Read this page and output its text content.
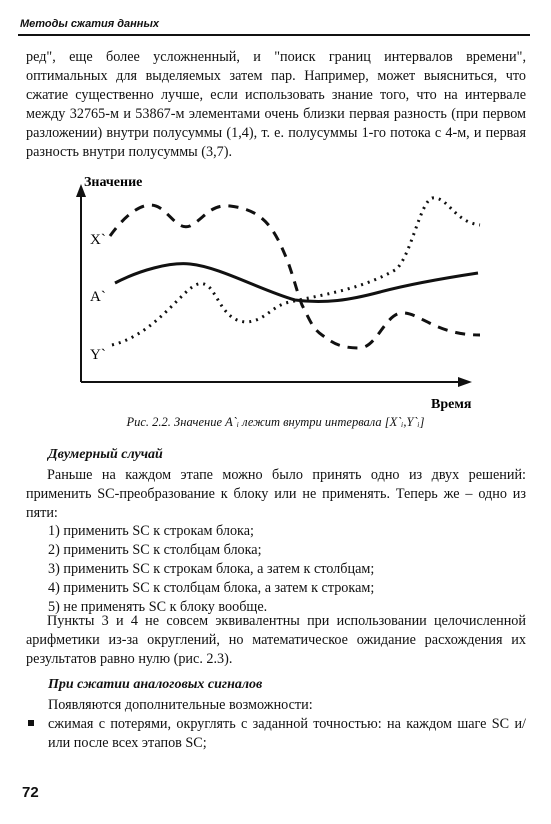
Методы сжатия данных
ред", еще более усложненный, и "поиск границ интервалов времени", оптимальных для выделяемых затем пар. Например, может выясниться, что сжатие существенно лучше, если использовать знание того, что на интервале между 32765-м и 53867-м элементами очень близки первая разность (при первом разложении) внутри полусуммы (1,4), т. е. полусуммы 1-го потока с 4-м, и первая разность внутри полусуммы (3,7).
Значение
Время
X`
A`
Y`
Рис. 2.2. Значение A`ᵢ лежит внутри интервала [X`ᵢ,Y`ᵢ]
Двумерный случай
Раньше на каждом этапе можно было принять одно из двух решений: применить SC-преобразование к блоку или не применять. Теперь же – одно из пяти:
1) применить SC к строкам блока;
2) применить SC к столбцам блока;
3) применить SC к строкам блока, а затем к столбцам;
4) применить SC к столбцам блока, а затем к строкам;
5) не применять SC к блоку вообще.
Пункты 3 и 4 не совсем эквивалентны при использовании целочисленной арифметики из-за округлений, но математическое ожидание расхождения их результатов равно нулю (рис. 2.3).
При сжатии аналоговых сигналов
Появляются дополнительные возможности:
сжимая с потерями, округлять с заданной точностью: на каждом шаге SC и/или после всех этапов SC;
72
